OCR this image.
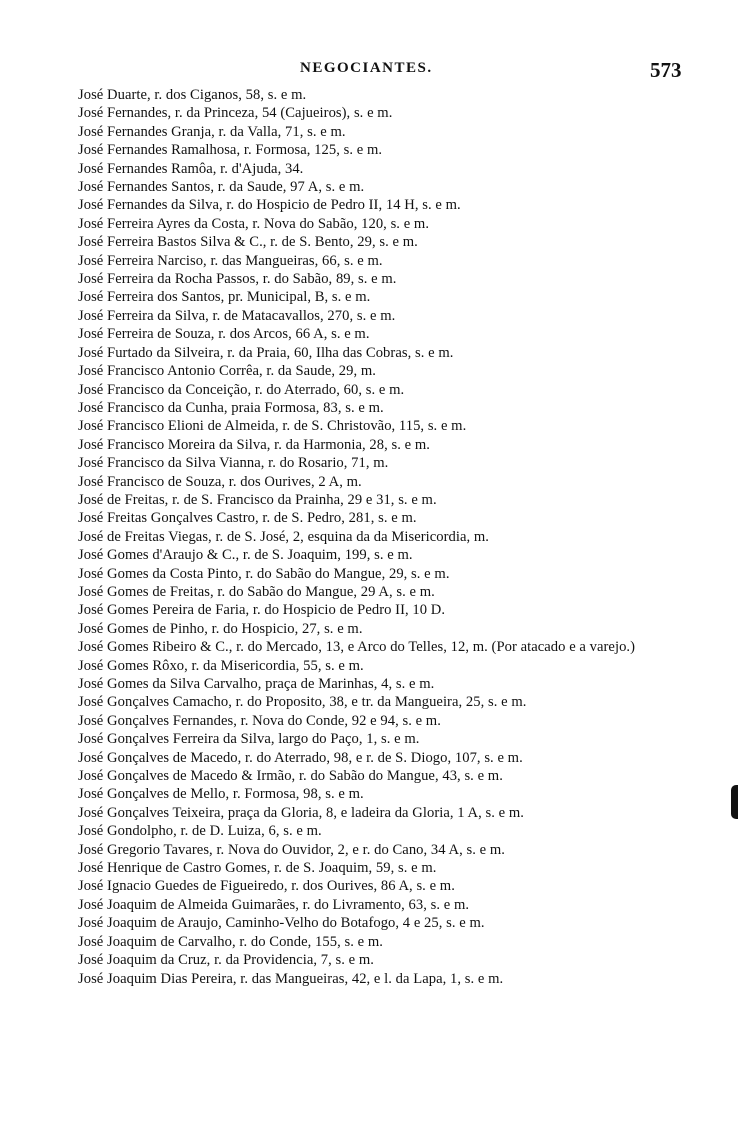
NEGOCIANTES.	573
José Duarte, r. dos Ciganos, 58, s. e m.
José Fernandes, r. da Princeza, 54 (Cajueiros), s. e m.
José Fernandes Granja, r. da Valla, 71, s. e m.
José Fernandes Ramalhosa, r. Formosa, 125, s. e m.
José Fernandes Ramôa, r. d'Ajuda, 34.
José Fernandes Santos, r. da Saude, 97 A, s. e m.
José Fernandes da Silva, r. do Hospicio de Pedro II, 14 H, s. e m.
José Ferreira Ayres da Costa, r. Nova do Sabão, 120, s. e m.
José Ferreira Bastos Silva & C., r. de S. Bento, 29, s. e m.
José Ferreira Narciso, r. das Mangueiras, 66, s. e m.
José Ferreira da Rocha Passos, r. do Sabão, 89, s. e m.
José Ferreira dos Santos, pr. Municipal, B, s. e m.
José Ferreira da Silva, r. de Matacavallos, 270, s. e m.
José Ferreira de Souza, r. dos Arcos, 66 A, s. e m.
José Furtado da Silveira, r. da Praia, 60, Ilha das Cobras, s. e m.
José Francisco Antonio Corrêa, r. da Saude, 29, m.
José Francisco da Conceição, r. do Aterrado, 60, s. e m.
José Francisco da Cunha, praia Formosa, 83, s. e m.
José Francisco Elioni de Almeida, r. de S. Christovão, 115, s. e m.
José Francisco Moreira da Silva, r. da Harmonia, 28, s. e m.
José Francisco da Silva Vianna, r. do Rosario, 71, m.
José Francisco de Souza, r. dos Ourives, 2 A, m.
José de Freitas, r. de S. Francisco da Prainha, 29 e 31, s. e m.
José Freitas Gonçalves Castro, r. de S. Pedro, 281, s. e m.
José de Freitas Viegas, r. de S. José, 2, esquina da da Misericordia, m.
José Gomes d'Araujo & C., r. de S. Joaquim, 199, s. e m.
José Gomes da Costa Pinto, r. do Sabão do Mangue, 29, s. e m.
José Gomes de Freitas, r. do Sabão do Mangue, 29 A, s. e m.
José Gomes Pereira de Faria, r. do Hospicio de Pedro II, 10 D.
José Gomes de Pinho, r. do Hospicio, 27, s. e m.
José Gomes Ribeiro & C., r. do Mercado, 13, e Arco do Telles, 12, m. (Por atacado e a varejo.)
José Gomes Rôxo, r. da Misericordia, 55, s. e m.
José Gomes da Silva Carvalho, praça de Marinhas, 4, s. e m.
José Gonçalves Camacho, r. do Proposito, 38, e tr. da Mangueira, 25, s. e m.
José Gonçalves Fernandes, r. Nova do Conde, 92 e 94, s. e m.
José Gonçalves Ferreira da Silva, largo do Paço, 1, s. e m.
José Gonçalves de Macedo, r. do Aterrado, 98, e r. de S. Diogo, 107, s. e m.
José Gonçalves de Macedo & Irmão, r. do Sabão do Mangue, 43, s. e m.
José Gonçalves de Mello, r. Formosa, 98, s. e m.
José Gonçalves Teixeira, praça da Gloria, 8, e ladeira da Gloria, 1 A, s. e m.
José Gondolpho, r. de D. Luiza, 6, s. e m.
José Gregorio Tavares, r. Nova do Ouvidor, 2, e r. do Cano, 34 A, s. e m.
José Henrique de Castro Gomes, r. de S. Joaquim, 59, s. e m.
José Ignacio Guedes de Figueiredo, r. dos Ourives, 86 A, s. e m.
José Joaquim de Almeida Guimarães, r. do Livramento, 63, s. e m.
José Joaquim de Araujo, Caminho-Velho do Botafogo, 4 e 25, s. e m.
José Joaquim de Carvalho, r. do Conde, 155, s. e m.
José Joaquim da Cruz, r. da Providencia, 7, s. e m.
José Joaquim Dias Pereira, r. das Mangueiras, 42, e l. da Lapa, 1, s. e m.
